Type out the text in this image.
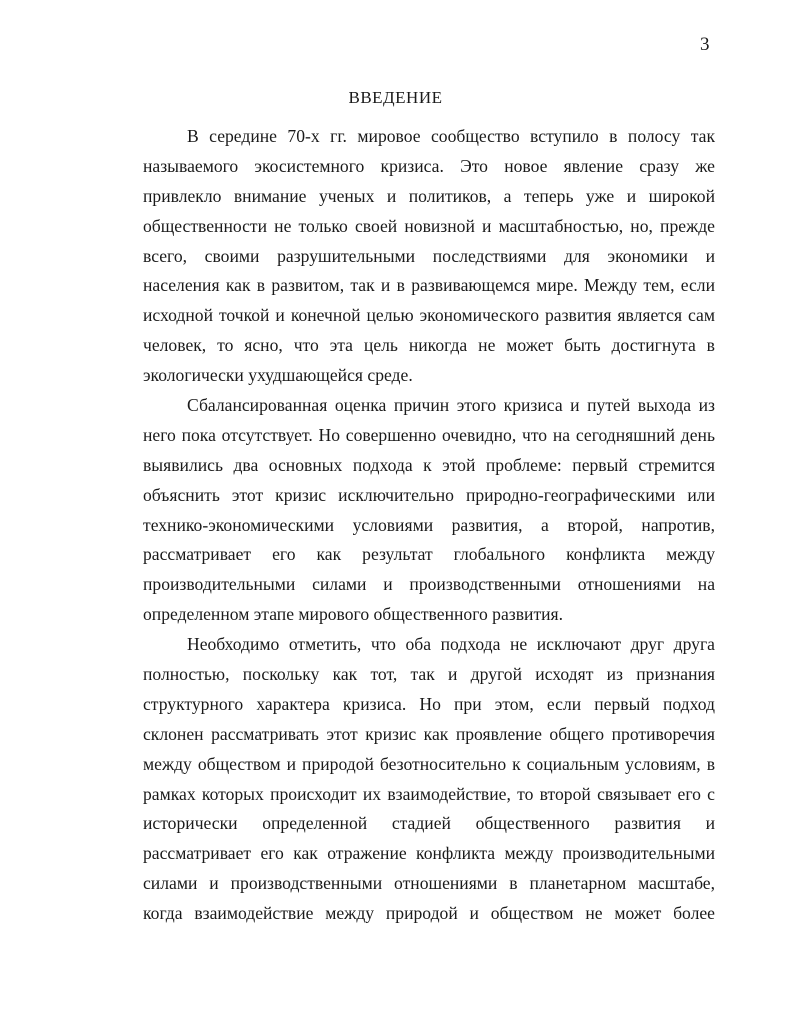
3
ВВЕДЕНИЕ
В середине 70-х гг. мировое сообщество вступило в полосу так
называемого экосистемного кризиса. Это новое явление сразу же
привлекло внимание ученых и политиков, а теперь уже и широкой
общественности не только своей новизной и масштабностью, но, прежде
всего, своими разрушительными последствиями для экономики и
населения как в развитом, так и в развивающемся мире. Между тем, если
исходной точкой и конечной целью экономического развития является сам
человек, то ясно, что эта цель никогда не может быть достигнута в
экологически ухудшающейся среде.
Сбалансированная оценка причин этого кризиса и путей выхода из
него пока отсутствует. Но совершенно очевидно, что на сегодняшний день
выявились два основных подхода к этой проблеме: первый стремится
объяснить этот кризис исключительно природно-географическими или
технико-экономическими условиями развития, а второй, напротив,
рассматривает его как результат глобального конфликта между
производительными силами и производственными отношениями на
определенном этапе мирового общественного развития.
Необходимо отметить, что оба подхода не исключают друг друга
полностью, поскольку как тот, так и другой исходят из признания
структурного характера кризиса. Но при этом, если первый подход
склонен рассматривать этот кризис как проявление общего противоречия
между обществом и природой безотносительно к социальным условиям, в
рамках которых происходит их взаимодействие, то второй связывает его с
исторически определенной стадией общественного развития и
рассматривает его как отражение конфликта между производительными
силами и производственными отношениями в планетарном масштабе,
когда взаимодействие между природой и обществом не может более
